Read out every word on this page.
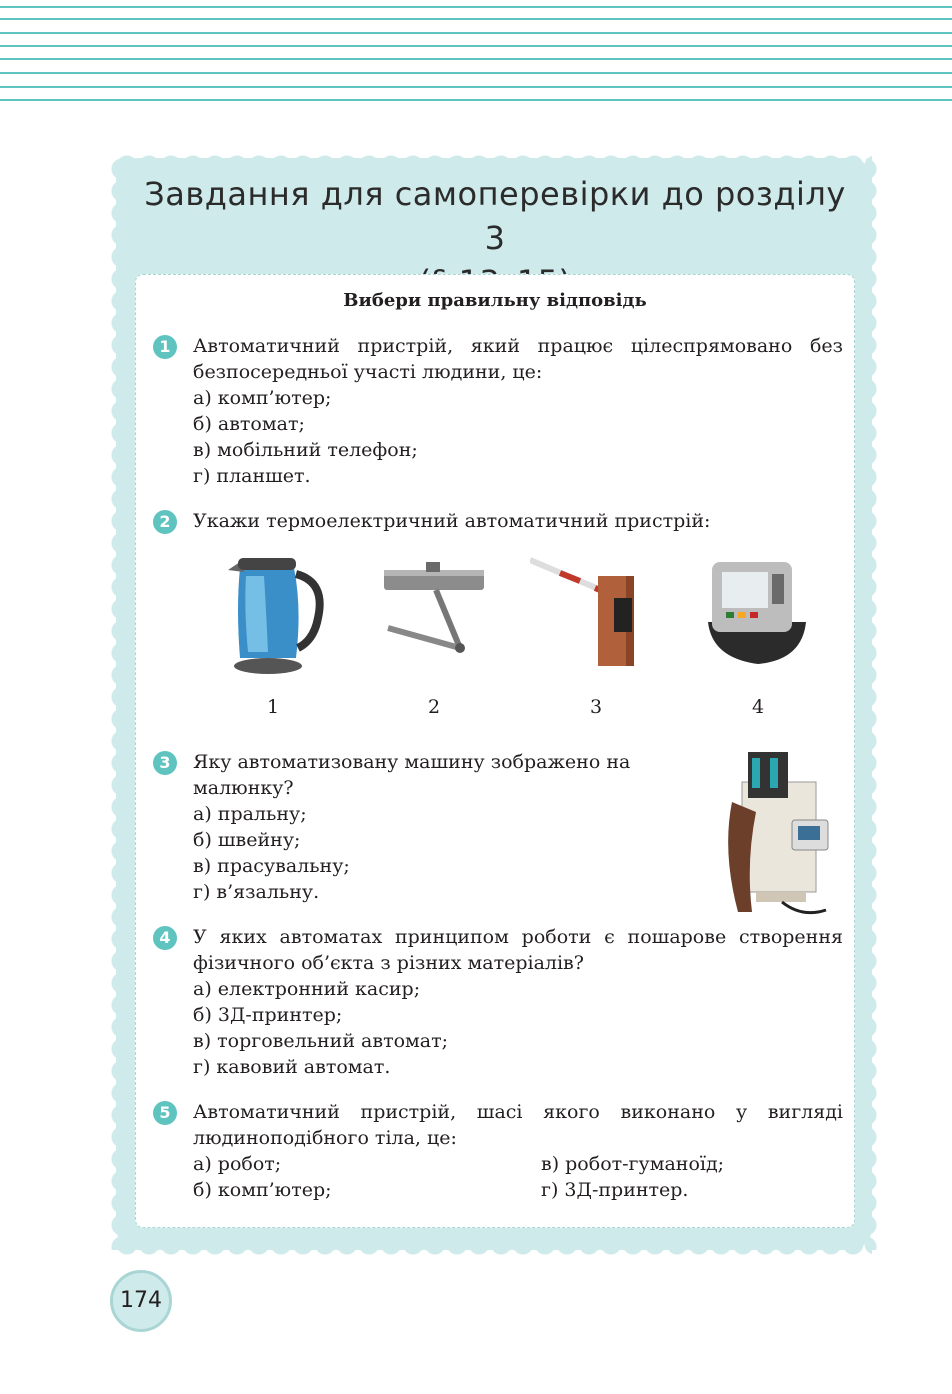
Завдання для самоперевірки до розділу 3
Вибери правильну відповідь
1	Автоматичний пристрій, який працює цілеспрямовано без безпосередньої участі людини, це:
а) комп’ютер;
б) автомат;
в) мобільний телефон;
г) планшет.
2	Укажи термоелектричний автоматичний пристрій:
1	2	3	4
3	Яку автоматизовану машину зображено на малюнку?
а) пральну;
б) швейну;
в) прасувальну;
г) в’язальну.
4	У яких автоматах принципом роботи є пошарове створення фізичного об’єкта з різних матеріалів?
а) електронний касир;
б) 3Д-принтер;
в) торговельний автомат;
г) кавовий автомат.
5	Автоматичний пристрій, шасі якого виконано у вигляді людиноподібного тіла, це:
а) робот;	в) робот-гуманоїд;
б) комп’ютер;	г) 3Д-принтер.
174
